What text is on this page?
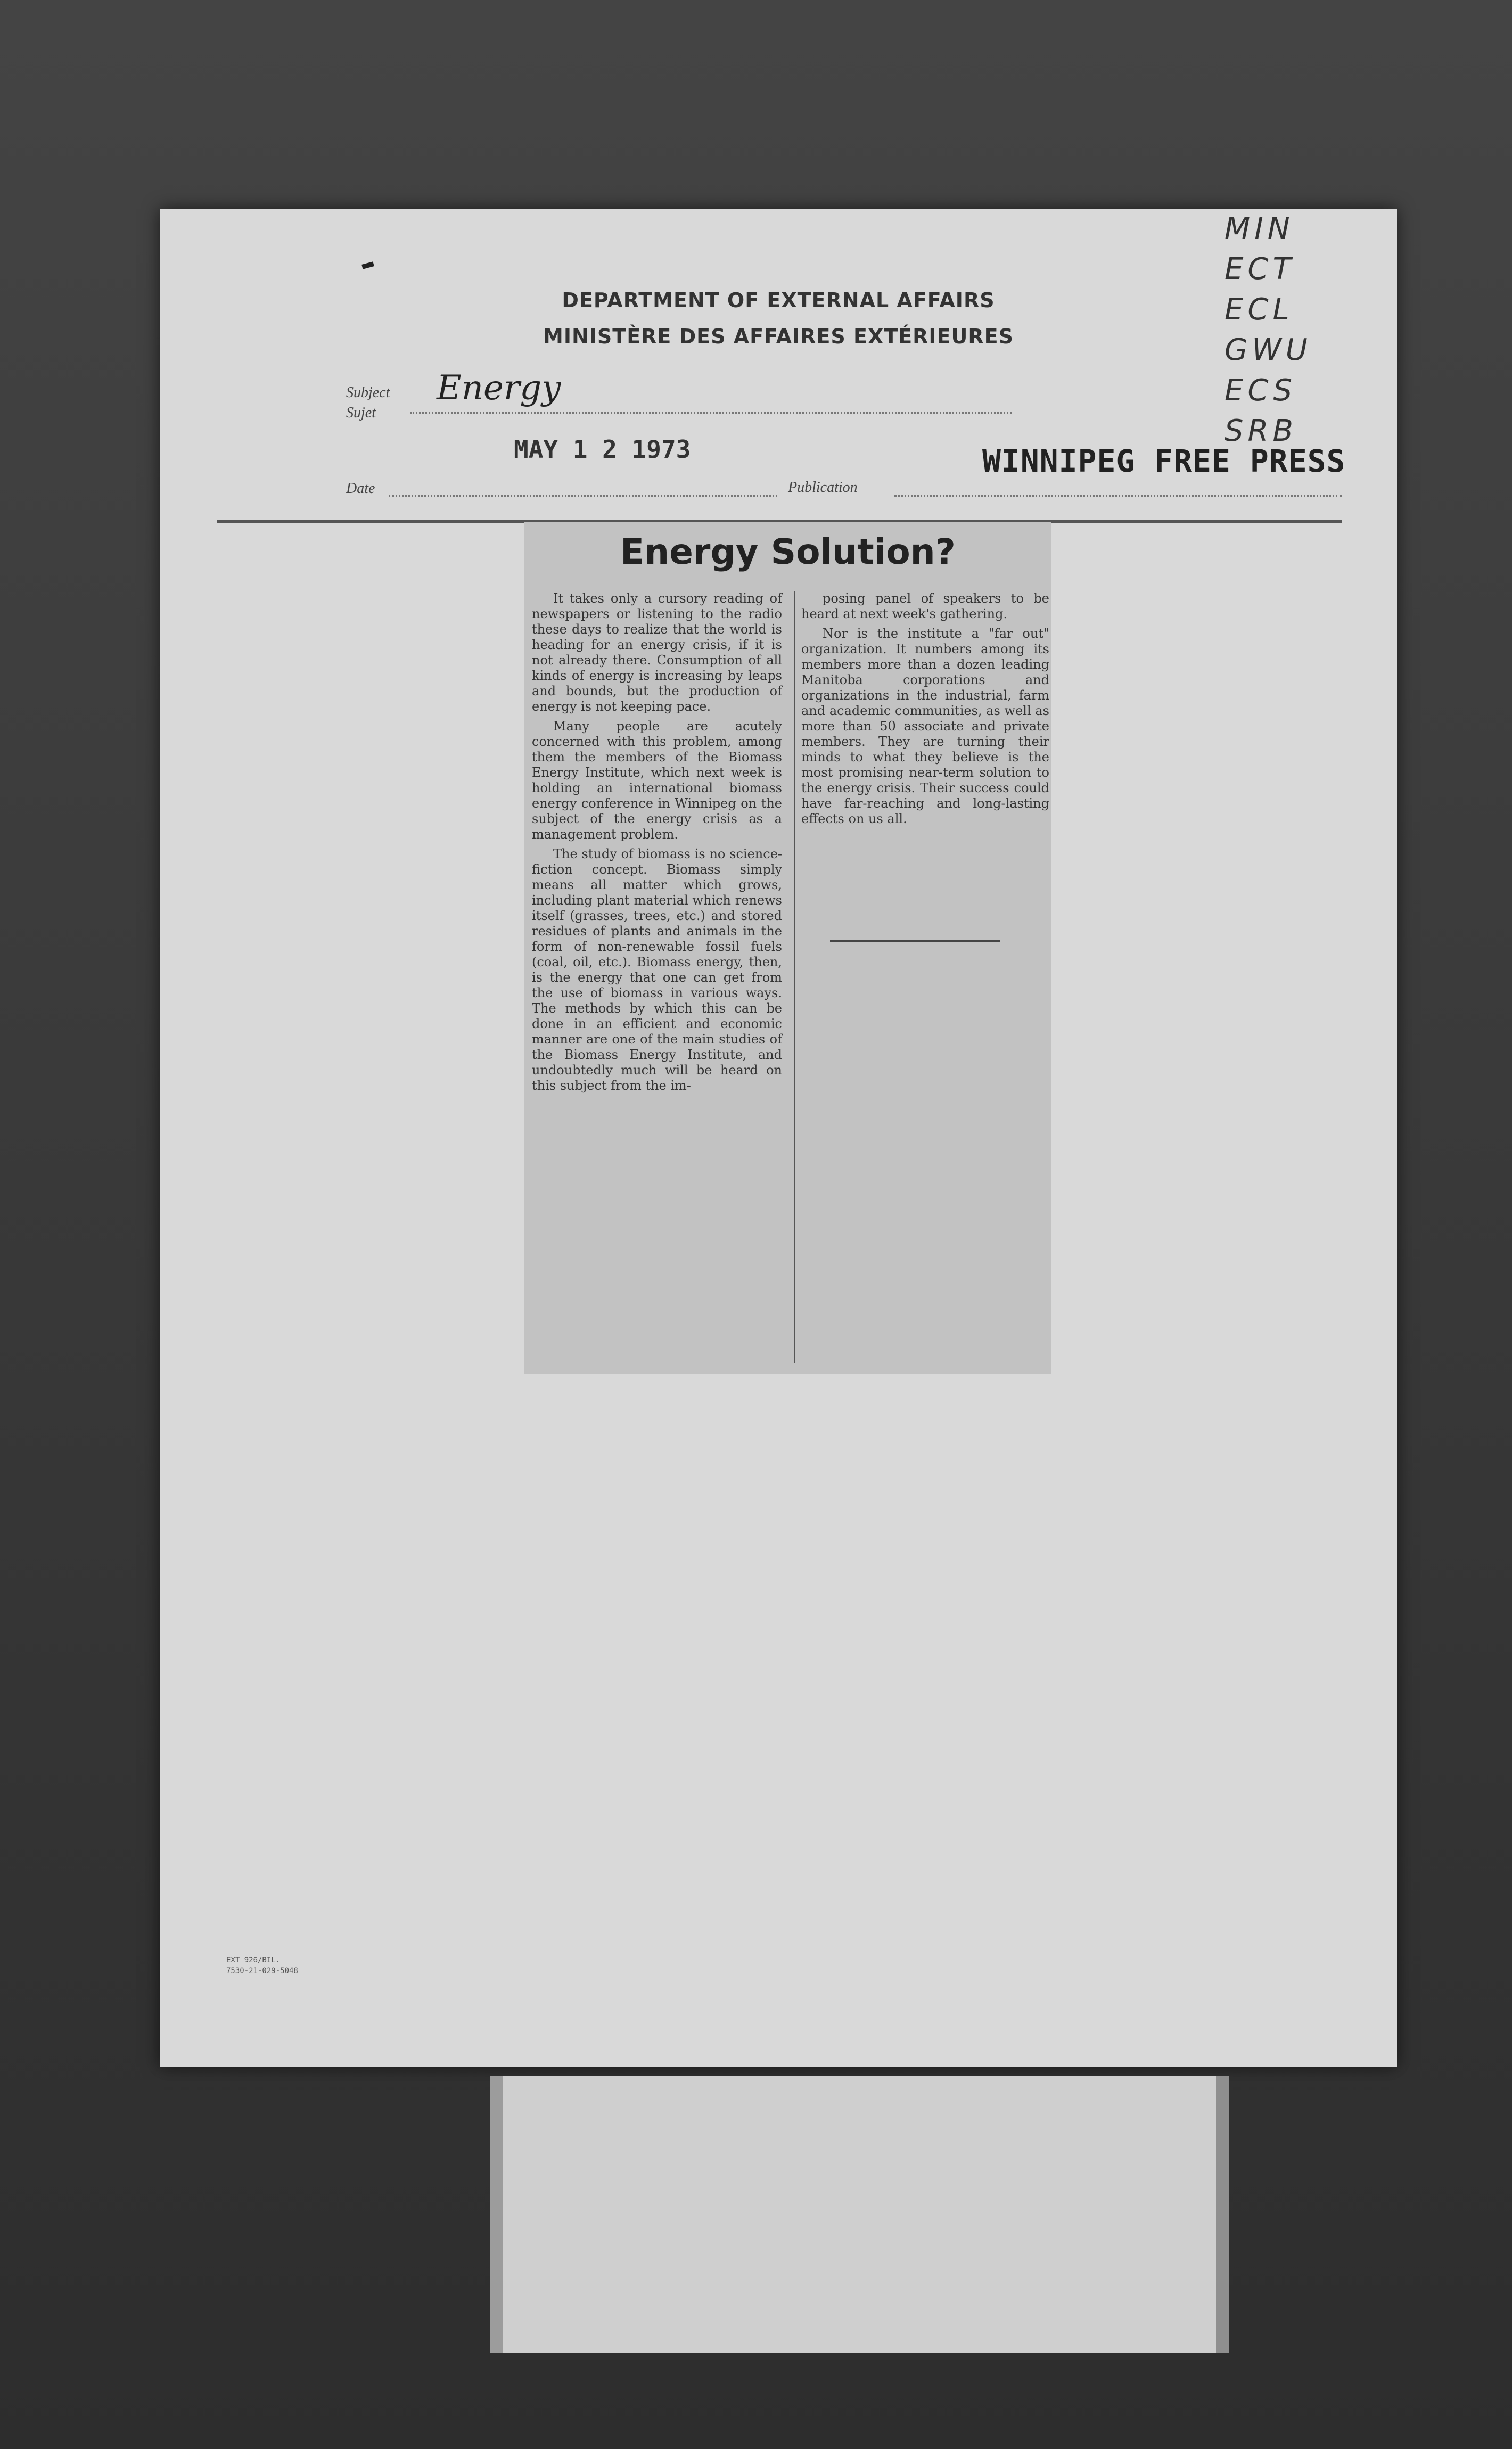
DEPARTMENT OF EXTERNAL AFFAIRS
MINISTÈRE DES AFFAIRES EXTÉRIEURES
Subject
Sujet
Energy
MAY 1 2 1973	WINNIPEG FREE PRESS
Date	Publication
MIN
ECT
ECL
GWU
ECS
SRB
EXT 926/BIL.
7530-21-029-5048
Energy Solution?

It takes only a cursory reading of newspapers or listening to the radio these days to realize that the world is heading for an energy crisis, if it is not already there. Consumption of all kinds of energy is increasing by leaps and bounds, but the production of energy is not keeping pace.

Many people are acutely concerned with this problem, among them the members of the Biomass Energy Institute, which next week is holding an international biomass energy conference in Winnipeg on the subject of the energy crisis as a management problem.

The study of biomass is no science-fiction concept. Biomass simply means all matter which grows, including plant material which renews itself (grasses, trees, etc.) and stored residues of plants and animals in the form of non-renewable fossil fuels (coal, oil, etc.). Biomass energy, then, is the energy that one can get from the use of biomass in various ways. The methods by which this can be done in an efficient and economic manner are one of the main studies of the Biomass Energy Institute, and undoubtedly much will be heard on this subject from the im-

posing panel of speakers to be heard at next week's gathering.

Nor is the institute a "far out" organization. It numbers among its members more than a dozen leading Manitoba corporations and organizations in the industrial, farm and academic communities, as well as more than 50 associate and private members. They are turning their minds to what they believe is the most promising near-term solution to the energy crisis. Their success could have far-reaching and long-lasting effects on us all.
